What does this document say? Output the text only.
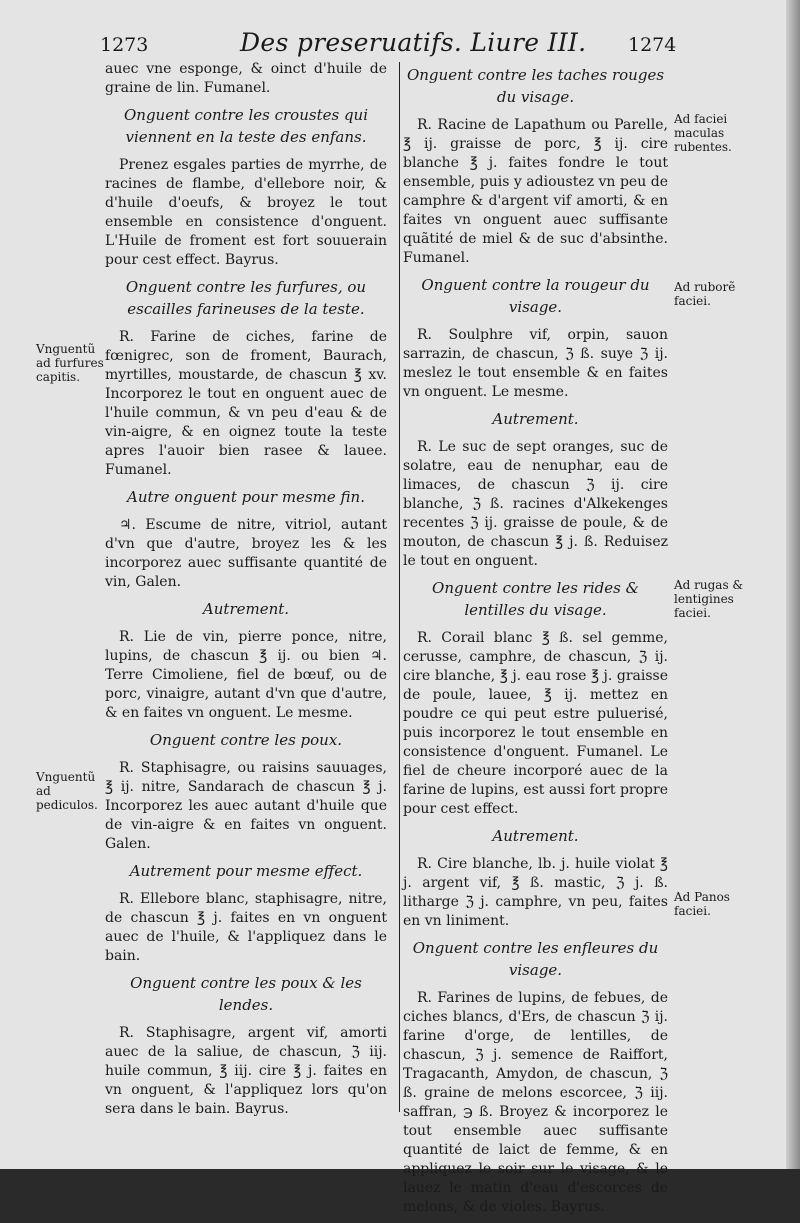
1273	Des preseruatifs. Liure III. 1274

auec vne esponge, & oinct d'huile de graine de lin. Fumanel.

Onguent contre les croustes qui viennent en la teste des enfans.

Prenez esgales parties de myrrhe, de racines de flambe, d'ellebore noir, & d'huile d'oeufs, & broyez le tout ensemble en consistence d'onguent. L'Huile de froment est fort souuerain pour cest effect. Bayrus.

Onguent contre les furfures, ou escailles farineuses de la teste.

R. Farine de ciches, farine de fœnigrec, son de froment, Baurach, myrtilles, moustarde, de chascun ℥ xv. Incorporez le tout en onguent auec de l'huile commun, & vn peu d'eau & de vin-aigre, & en oignez toute la teste apres l'auoir bien rasee & lauee. Fumanel.

Autre onguent pour mesme fin.

♃. Escume de nitre, vitriol, autant d'vn que d'autre, broyez les & les incorporez auec suffisante quantité de vin, Galen.

Autrement.

R. Lie de vin, pierre ponce, nitre, lupins, de chascun ℥ ij. ou bien ♃. Terre Cimoliene, fiel de bœuf, ou de porc, vinaigre, autant d'vn que d'autre, & en faites vn onguent. Le mesme.

Onguent contre les poux.

R. Staphisagre, ou raisins sauuages, ℥ ij. nitre, Sandarach de chascun ℥ j. Incorporez les auec autant d'huile que de vin-aigre & en faites vn onguent. Galen.

Autrement pour mesme effect.

R. Ellebore blanc, staphisagre, nitre, de chascun ℥ j. faites en vn onguent auec de l'huile, & l'appliquez dans le bain.

Onguent contre les poux & les lendes.

R. Staphisagre, argent vif, amorti auec de la saliue, de chascun, ℨ iij. huile commun, ℥ iij. cire ℥ j. faites en vn onguent, & l'appliquez lors qu'on sera dans le bain. Bayrus.

Onguent contre les taches rouges du visage.

R. Racine de Lapathum ou Parelle, ℥ ij. graisse de porc, ℥ ij. cire blanche ℥ j. faites fondre le tout ensemble, puis y adioustez vn peu de camphre & d'argent vif amorti, & en faites vn onguent auec suffisante quãtité de miel & de suc d'absinthe. Fumanel.

Onguent contre la rougeur du visage.

R. Soulphre vif, orpin, sauon sarrazin, de chascun, ℨ ß. suye ℨ ij. meslez le tout ensemble & en faites vn onguent. Le mesme.

Autrement.

R. Le suc de sept oranges, suc de solatre, eau de nenuphar, eau de limaces, de chascun ℨ ij. cire blanche, ℨ ß. racines d'Alkekenges recentes ℨ ij. graisse de poule, & de mouton, de chascun ℥ j. ß. Reduisez le tout en onguent.

Onguent contre les rides & lentilles du visage.

R. Corail blanc ℥ ß. sel gemme, cerusse, camphre, de chascun, ℨ ij. cire blanche, ℥ j. eau rose ℥ j. graisse de poule, lauee, ℥ ij. mettez en poudre ce qui peut estre puluerisé, puis incorporez le tout ensemble en consistence d'onguent. Fumanel. Le fiel de cheure incorporé auec de la farine de lupins, est aussi fort propre pour cest effect.

Autrement.

R. Cire blanche, lb. j. huile violat ℥ j. argent vif, ℥ ß. mastic, ℨ j. ß. litharge ℨ j. camphre, vn peu, faites en vn liniment.

Onguent contre les enfleures du visage.

R. Farines de lupins, de febues, de ciches blancs, d'Ers, de chascun ℨ ij. farine d'orge, de lentilles, de chascun, ℨ j. semence de Raiffort, Tragacanth, Amydon, de chascun, ℨ ß. graine de melons escorcee, ℨ iij. saffran, ℈ ß. Broyez & incorporez le tout ensemble auec suffisante quantité de laict de femme, & en appliquez le soir sur le visage, & le lauez le matin d'eau d'escorces de melons, & de violes. Bayrus.

Vnguentũ ad furfures capitis.
Vnguentũ ad pediculos.
Ad faciei maculas rubentes.
Ad ruborẽ faciei.
Ad rugas & lentigines faciei.
Ad Panos faciei.
